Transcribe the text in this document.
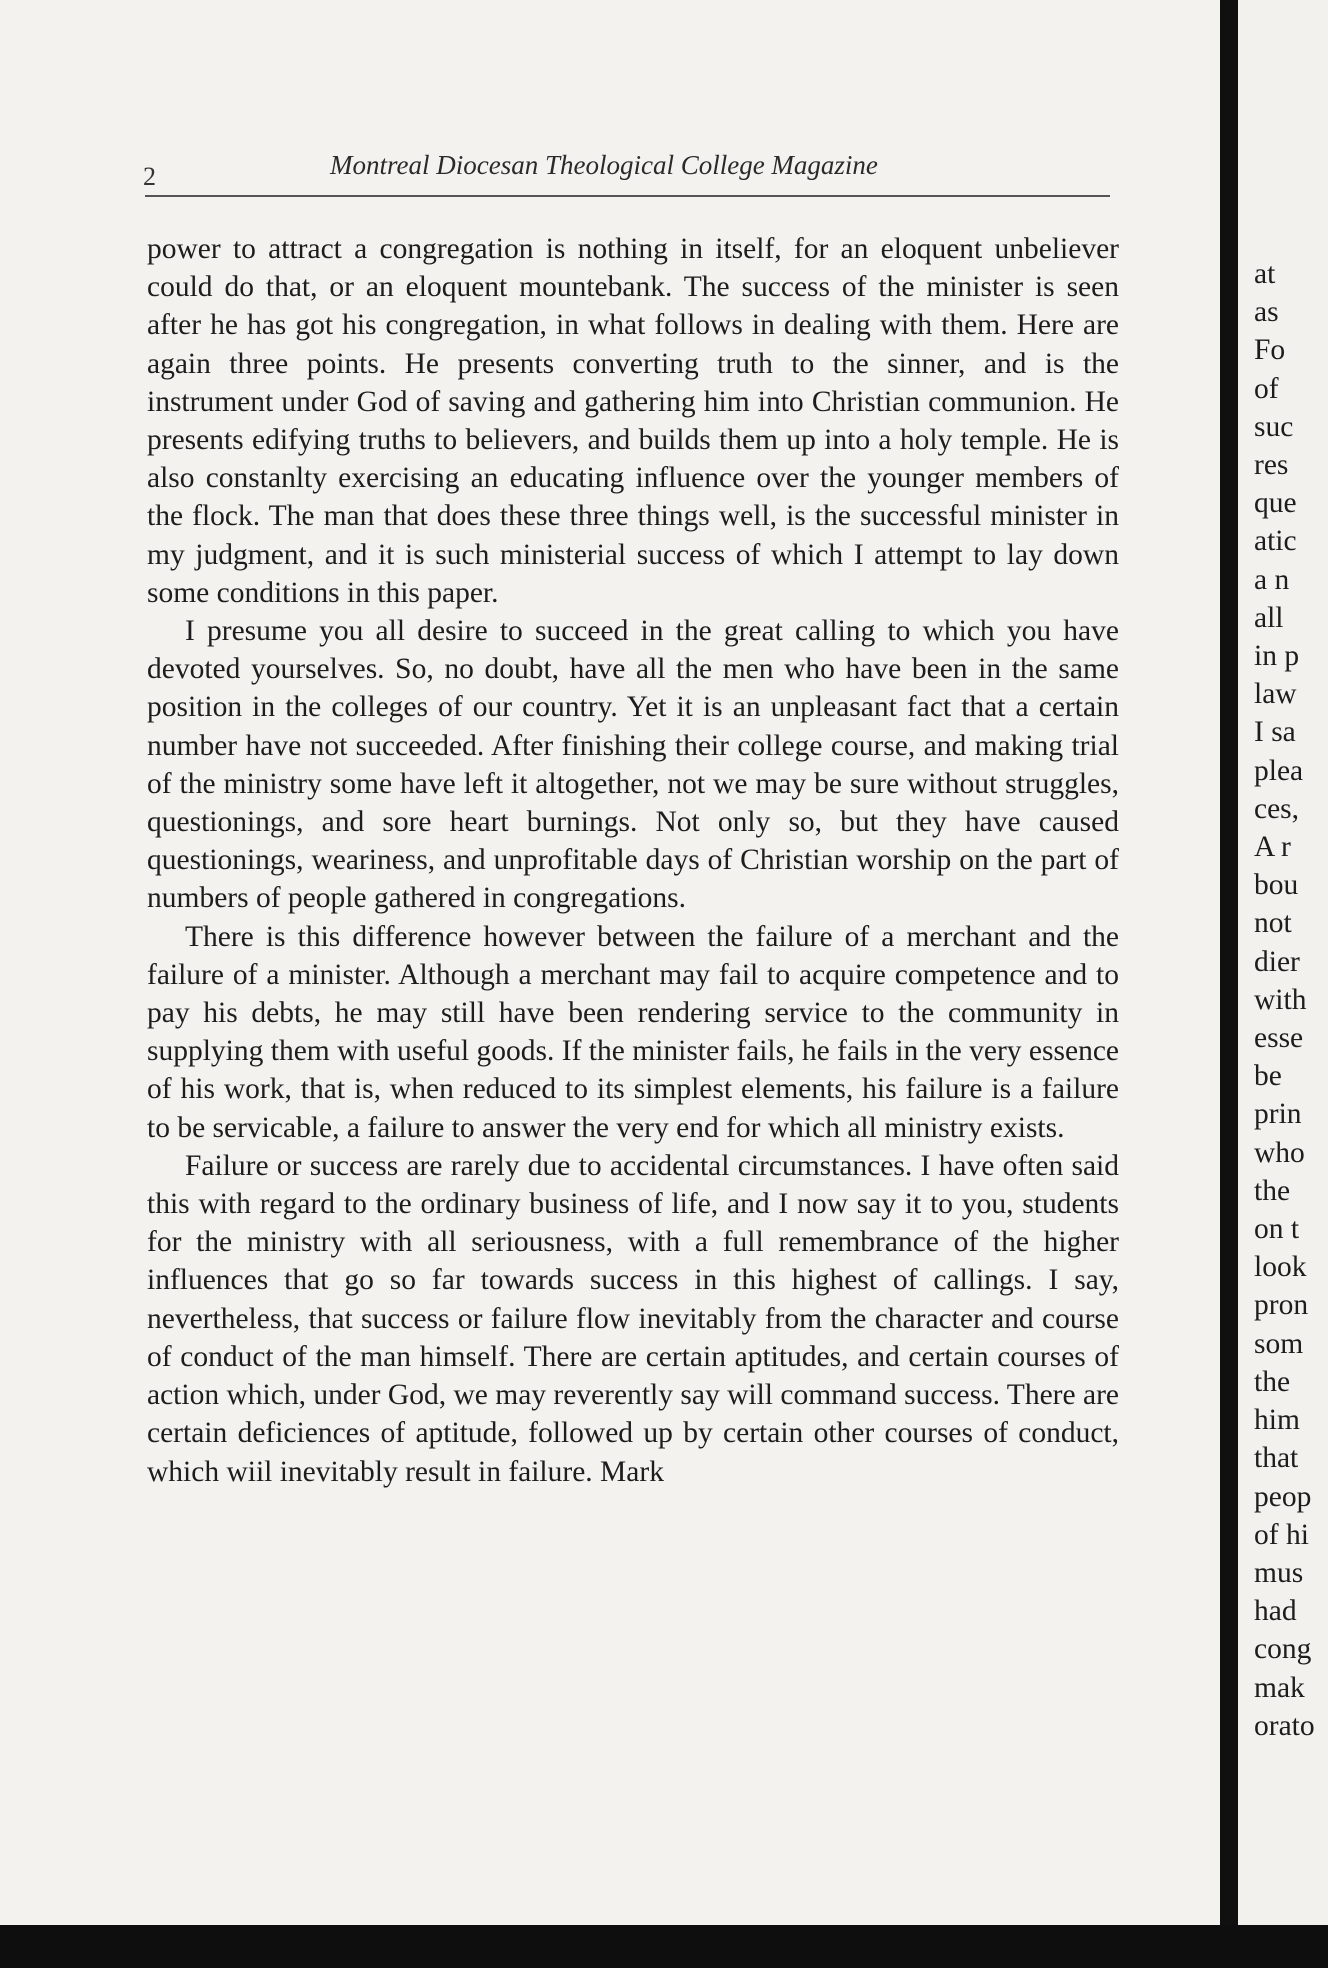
2	Montreal Diocesan Theological College Magazine

power to attract a congregation is nothing in itself, for an eloquent unbeliever could do that, or an eloquent mountebank. The success of the minister is seen after he has got his congregation, in what follows in dealing with them. Here are again three points. He presents converting truth to the sinner, and is the instrument under God of saving and gathering him into Christian communion. He presents edifying truths to believers, and builds them up into a holy temple. He is also constanlty exercising an educating influence over the younger members of the flock. The man that does these three things well, is the successful minister in my judgment, and it is such ministerial success of which I attempt to lay down some conditions in this paper.

I presume you all desire to succeed in the great calling to which you have devoted yourselves. So, no doubt, have all the men who have been in the same position in the colleges of our country. Yet it is an unpleasant fact that a certain number have not succeeded. After finishing their college course, and making trial of the ministry some have left it altogether, not we may be sure without struggles, questionings, and sore heart burnings. Not only so, but they have caused questionings, weariness, and unprofitable days of Christian worship on the part of numbers of people gathered in congregations.

There is this difference however between the failure of a merchant and the failure of a minister. Although a merchant may fail to acquire competence and to pay his debts, he may still have been rendering service to the community in supplying them with useful goods. If the minister fails, he fails in the very essence of his work, that is, when reduced to its simplest elements, his failure is a failure to be servicable, a failure to answer the very end for which all ministry exists.

Failure or success are rarely due to accidental circumstances. I have often said this with regard to the ordinary business of life, and I now say it to you, students for the ministry with all seriousness, with a full remembrance of the higher influences that go so far towards success in this highest of callings. I say, nevertheless, that success or failure flow inevitably from the character and course of conduct of the man himself. There are certain aptitudes, and certain courses of action which, under God, we may reverently say will command success. There are certain deficiences of aptitude, followed up by certain other courses of conduct, which wiil inevitably result in failure. Mark

at
as
Fo
of
suc
res
que
atic
a n
all
in p
law
I sa
plea
ces,
A r
bou
not
dier
with
esse
be
prin
who
the
on t
look
pron
som
the
him
that
peop
of hi
mus
had
cong
mak
orato
